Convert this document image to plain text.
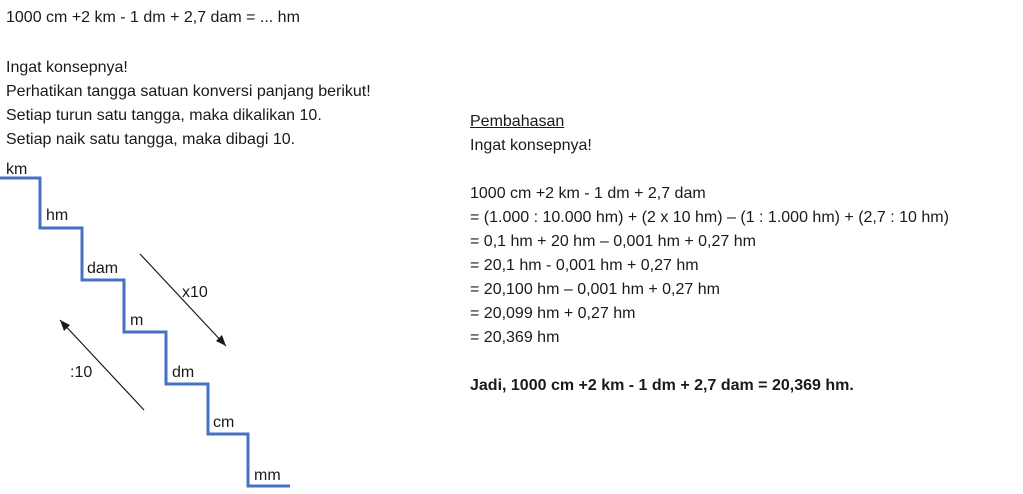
1000 cm +2 km - 1 dm + 2,7 dam = ... hm
Ingat konsepnya!
Perhatikan tangga satuan konversi panjang berikut!
Setiap turun satu tangga, maka dikalikan 10.
Setiap naik satu tangga, maka dibagi 10.
km
hm
dam
m
dm
cm
mm
x10
:10
Pembahasan
Ingat konsepnya!
1000 cm +2 km - 1 dm + 2,7 dam
= (1.000 : 10.000 hm) + (2 x 10 hm) – (1 : 1.000 hm) + (2,7 : 10 hm)
= 0,1 hm + 20 hm – 0,001 hm + 0,27 hm
= 20,1 hm - 0,001 hm + 0,27 hm
= 20,100 hm – 0,001 hm + 0,27 hm
= 20,099 hm + 0,27 hm
= 20,369 hm
Jadi, 1000 cm +2 km - 1 dm + 2,7 dam = 20,369 hm.
